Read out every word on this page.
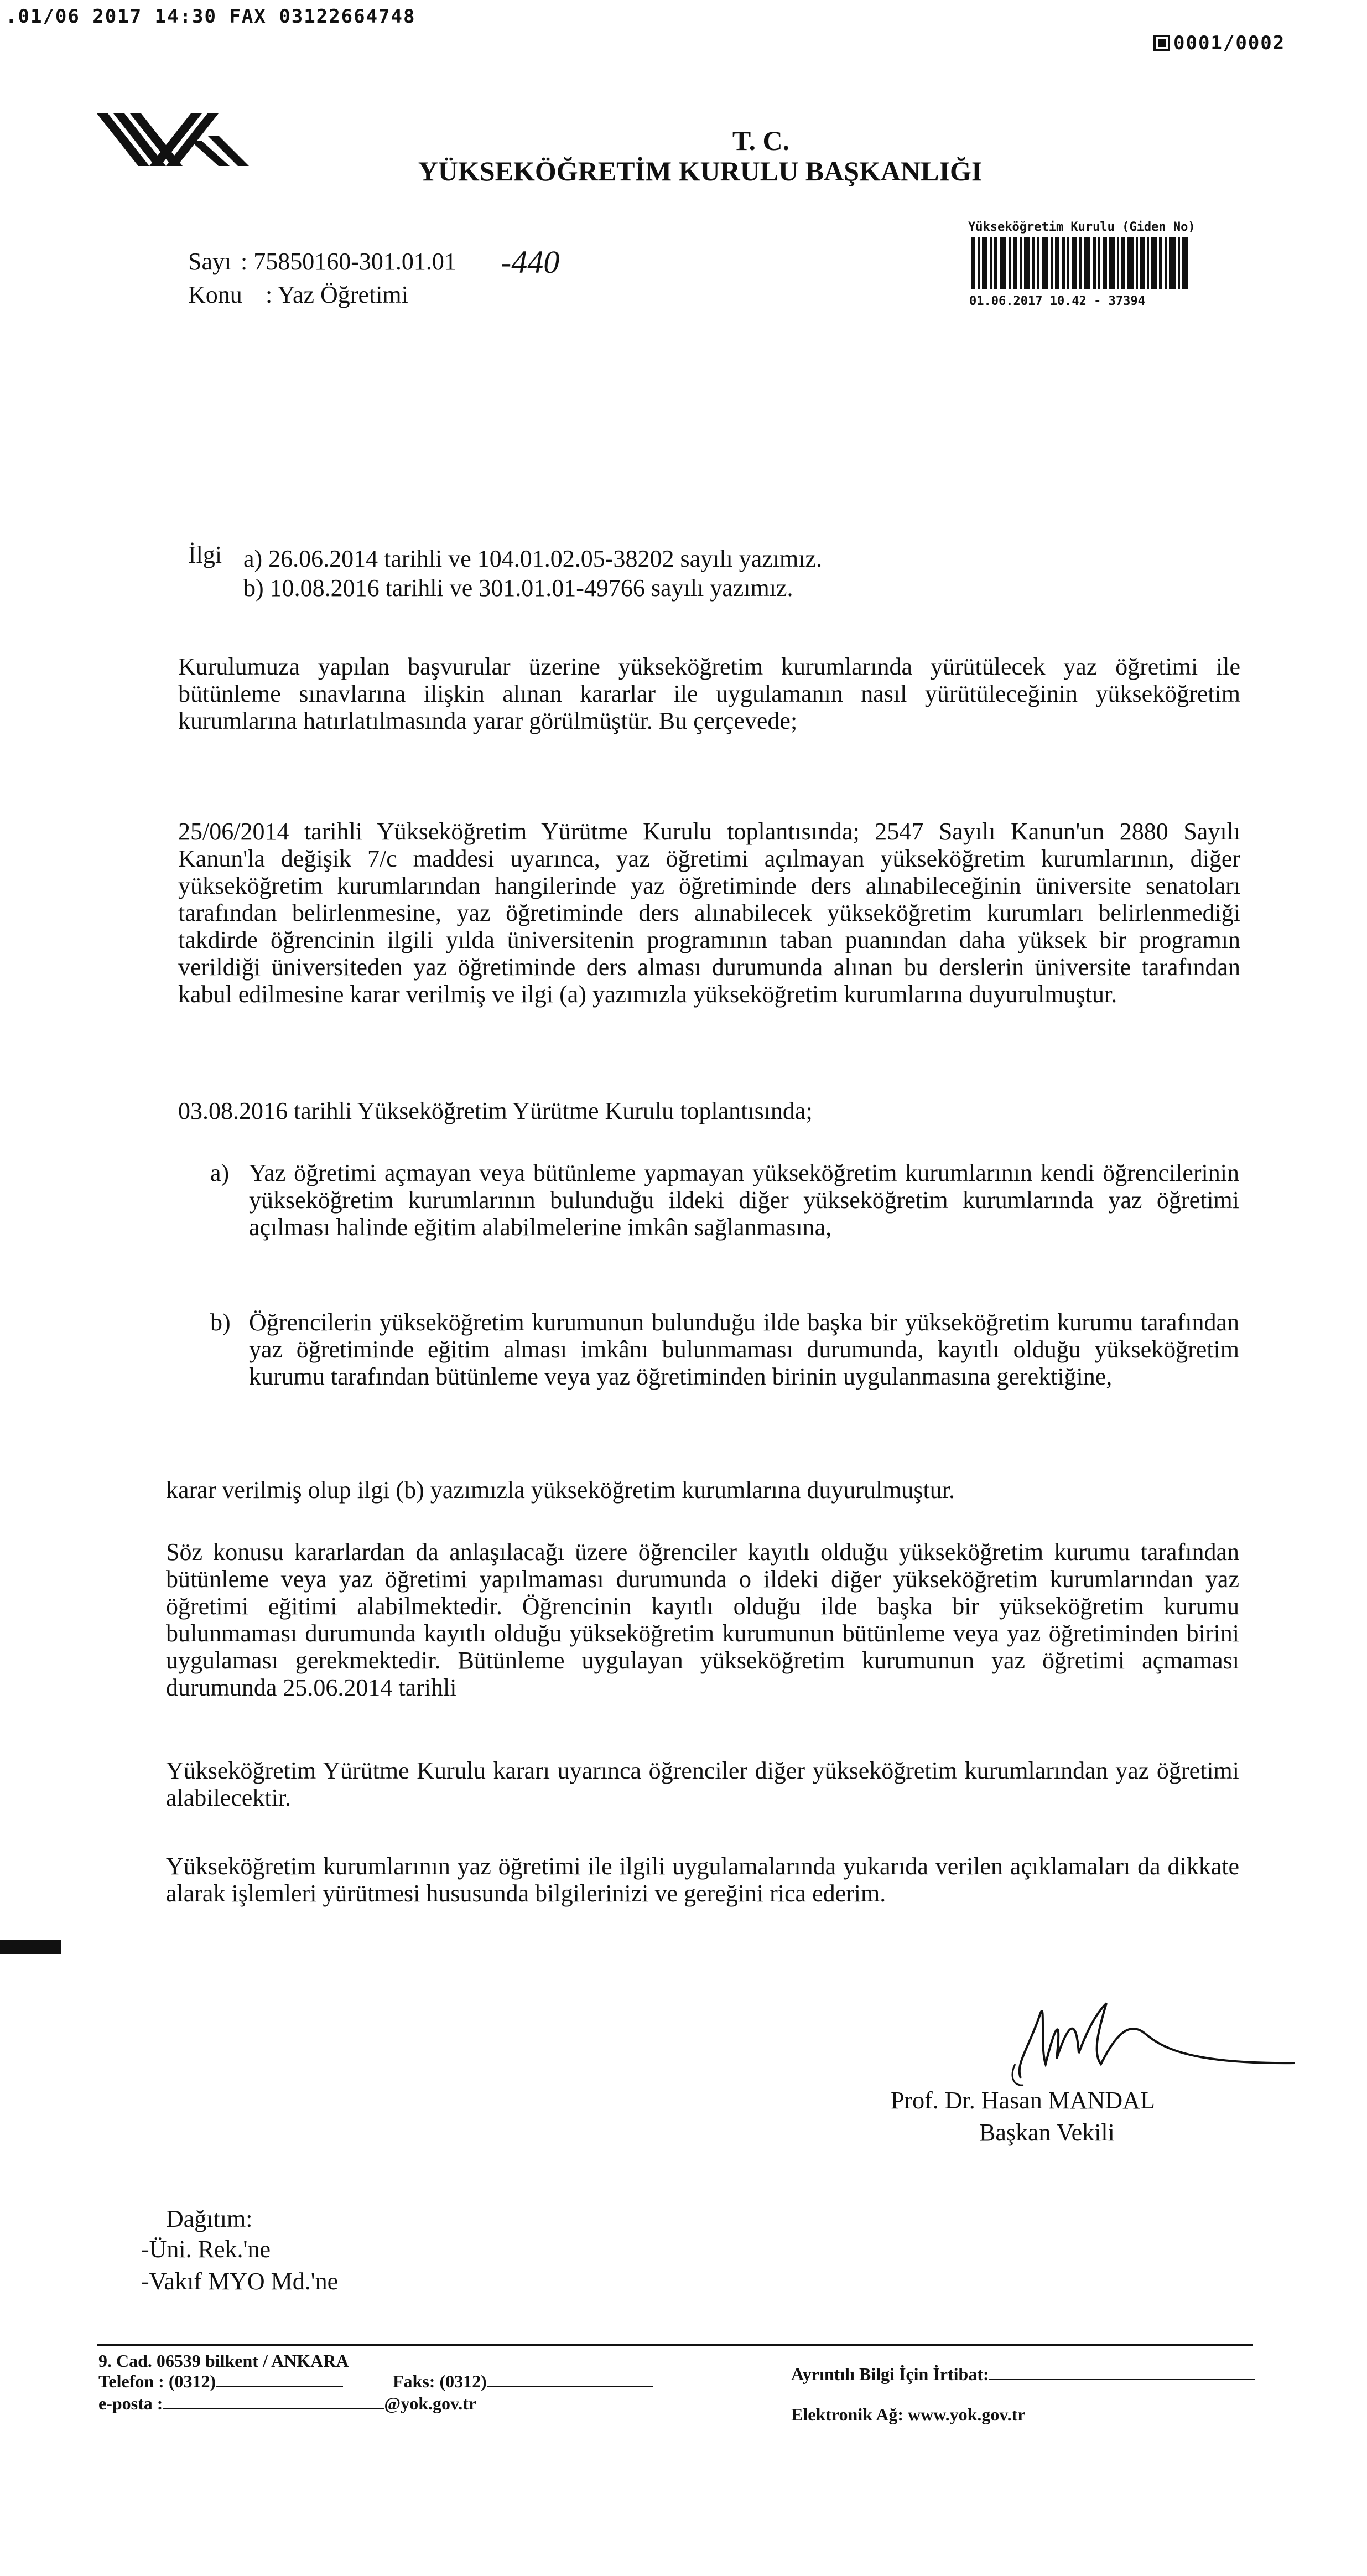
.01/06 2017 14:30 FAX 03122664748
0001/0002
T. C.
YÜKSEKÖĞRETİM KURULU BAŞKANLIĞI
Yükseköğretim Kurulu (Giden No)
01.06.2017 10.42 - 37394
Sayı : 75850160-301.01.01 -440
Konu : Yaz Öğretimi
İlgi a) 26.06.2014 tarihli ve 104.01.02.05-38202 sayılı yazımız.
b) 10.08.2016 tarihli ve 301.01.01-49766 sayılı yazımız.
Kurulumuza yapılan başvurular üzerine yükseköğretim kurumlarında yürütülecek yaz öğretimi ile bütünleme sınavlarına ilişkin alınan kararlar ile uygulamanın nasıl yürütüleceğinin yükseköğretim kurumlarına hatırlatılmasında yarar görülmüştür. Bu çerçevede;
25/06/2014 tarihli Yükseköğretim Yürütme Kurulu toplantısında; 2547 Sayılı Kanun'un 2880 Sayılı Kanun'la değişik 7/c maddesi uyarınca, yaz öğretimi açılmayan yükseköğretim kurumlarının, diğer yükseköğretim kurumlarından hangilerinde yaz öğretiminde ders alınabileceğinin üniversite senatoları tarafından belirlenmesine, yaz öğretiminde ders alınabilecek yükseköğretim kurumları belirlenmediği takdirde öğrencinin ilgili yılda üniversitenin programının taban puanından daha yüksek bir programın verildiği üniversiteden yaz öğretiminde ders alması durumunda alınan bu derslerin üniversite tarafından kabul edilmesine karar verilmiş ve ilgi (a) yazımızla yükseköğretim kurumlarına duyurulmuştur.
03.08.2016 tarihli Yükseköğretim Yürütme Kurulu toplantısında;
a) Yaz öğretimi açmayan veya bütünleme yapmayan yükseköğretim kurumlarının kendi öğrencilerinin yükseköğretim kurumlarının bulunduğu ildeki diğer yükseköğretim kurumlarında yaz öğretimi açılması halinde eğitim alabilmelerine imkân sağlanmasına,
b) Öğrencilerin yükseköğretim kurumunun bulunduğu ilde başka bir yükseköğretim kurumu tarafından yaz öğretiminde eğitim alması imkânı bulunmaması durumunda, kayıtlı olduğu yükseköğretim kurumu tarafından bütünleme veya yaz öğretiminden birinin uygulanmasına gerektiğine,
karar verilmiş olup ilgi (b) yazımızla yükseköğretim kurumlarına duyurulmuştur.
Söz konusu kararlardan da anlaşılacağı üzere öğrenciler kayıtlı olduğu yükseköğretim kurumu tarafından bütünleme veya yaz öğretimi yapılmaması durumunda o ildeki diğer yükseköğretim kurumlarından yaz öğretimi eğitimi alabilmektedir. Öğrencinin kayıtlı olduğu ilde başka bir yükseköğretim kurumu bulunmaması durumunda kayıtlı olduğu yükseköğretim kurumunun bütünleme veya yaz öğretiminden birini uygulaması gerekmektedir. Bütünleme uygulayan yükseköğretim kurumunun yaz öğretimi açmaması durumunda 25.06.2014 tarihli
Yükseköğretim Yürütme Kurulu kararı uyarınca öğrenciler diğer yükseköğretim kurumlarından yaz öğretimi alabilecektir.
Yükseköğretim kurumlarının yaz öğretimi ile ilgili uygulamalarında yukarıda verilen açıklamaları da dikkate alarak işlemleri yürütmesi hususunda bilgilerinizi ve gereğini rica ederim.
Prof. Dr. Hasan MANDAL
Başkan Vekili
Dağıtım:
-Üni. Rek.'ne
-Vakıf MYO Md.'ne
9. Cad. 06539 bilkent / ANKARA
Telefon : (0312)	Faks: (0312)
e-posta :	@yok.gov.tr
Ayrıntılı Bilgi İçin İrtibat:
Elektronik Ağ: www.yok.gov.tr
